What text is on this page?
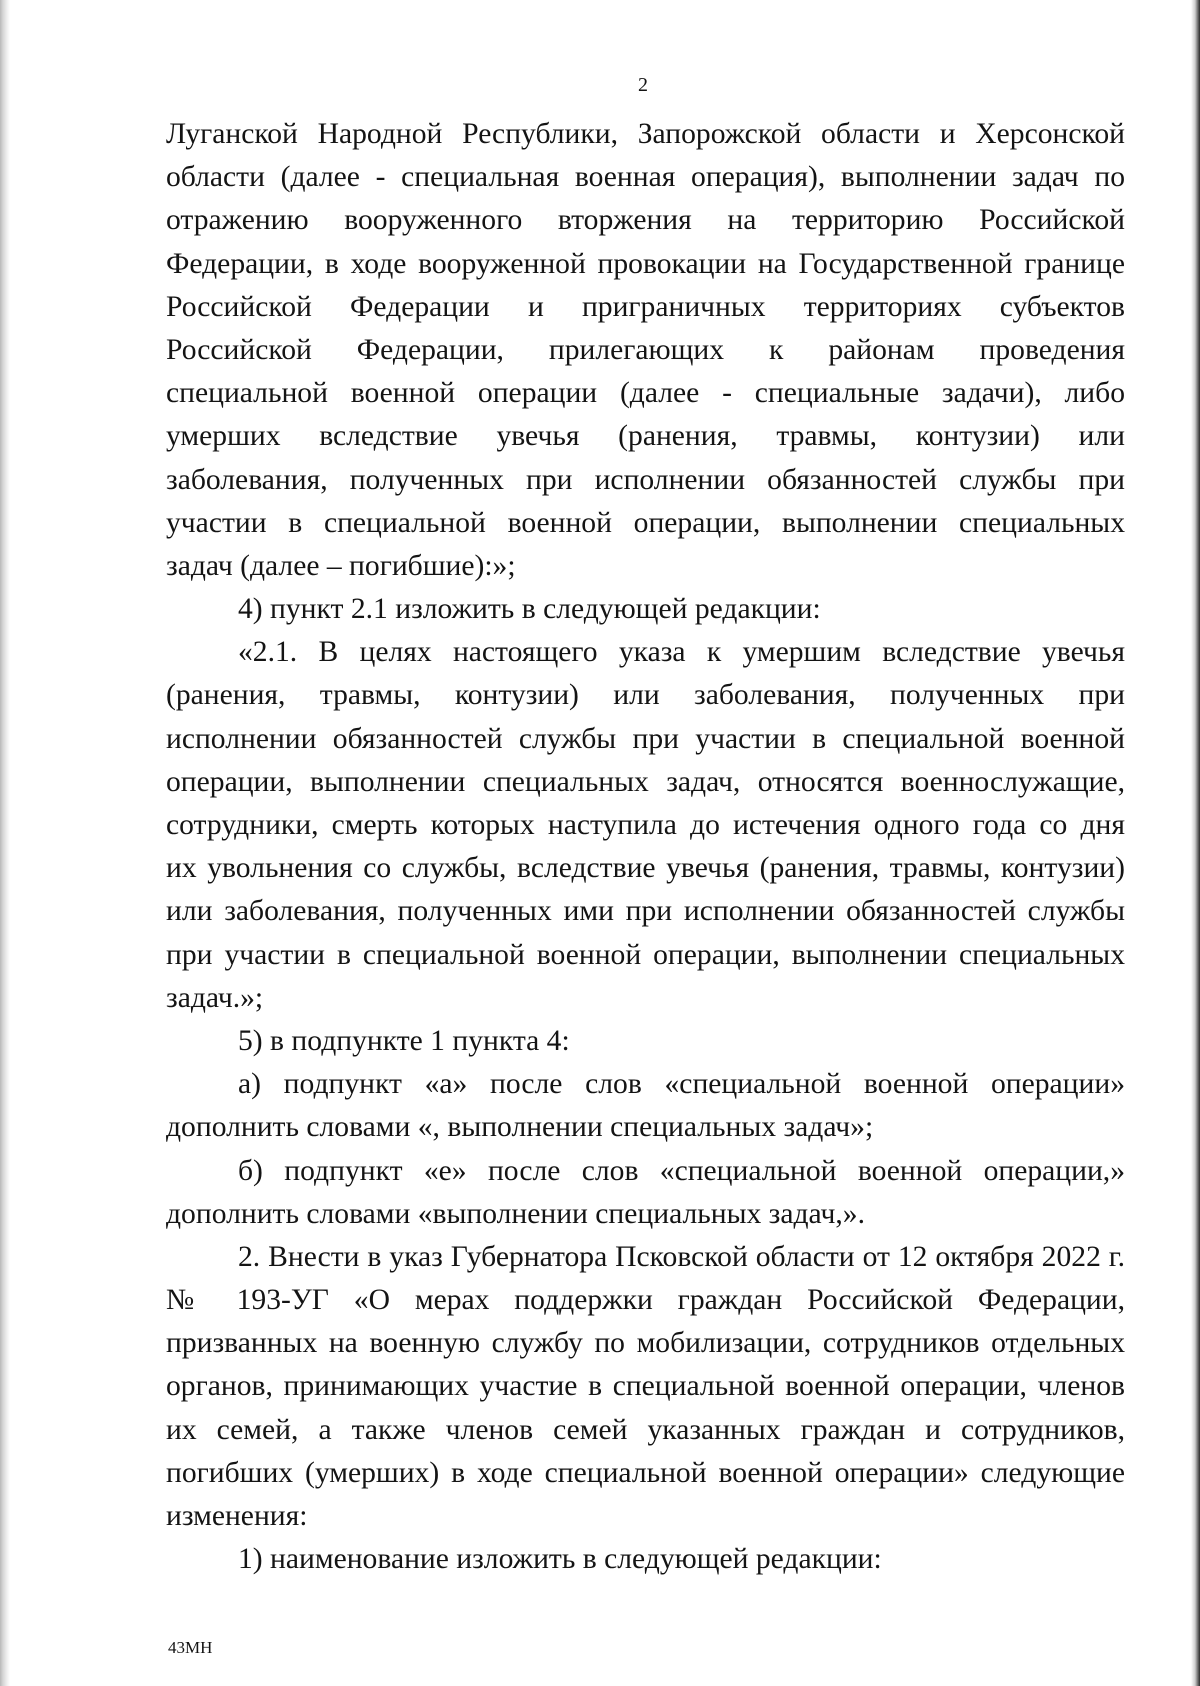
2
Луганской Народной Республики, Запорожской области и Херсонской
области (далее - специальная военная операция), выполнении задач по
отражению вооруженного вторжения на территорию Российской
Федерации, в ходе вооруженной провокации на Государственной границе
Российской Федерации и приграничных территориях субъектов
Российской Федерации, прилегающих к районам проведения
специальной военной операции (далее - специальные задачи), либо
умерших вследствие увечья (ранения, травмы, контузии) или
заболевания, полученных при исполнении обязанностей службы при
участии в специальной военной операции, выполнении специальных
задач (далее – погибшие):»;
4) пункт 2.1 изложить в следующей редакции:
«2.1. В целях настоящего указа к умершим вследствие увечья
(ранения, травмы, контузии) или заболевания, полученных при
исполнении обязанностей службы при участии в специальной военной
операции, выполнении специальных задач, относятся военнослужащие,
сотрудники, смерть которых наступила до истечения одного года со дня
их увольнения со службы, вследствие увечья (ранения, травмы, контузии)
или заболевания, полученных ими при исполнении обязанностей службы
при участии в специальной военной операции, выполнении специальных
задач.»;
5) в подпункте 1 пункта 4:
а) подпункт «а» после слов «специальной военной операции»
дополнить словами «, выполнении специальных задач»;
б) подпункт «е» после слов «специальной военной операции,»
дополнить словами «выполнении специальных задач,».
2. Внести в указ Губернатора Псковской области от 12 октября 2022 г.
№ 193-УГ «О мерах поддержки граждан Российской Федерации,
призванных на военную службу по мобилизации, сотрудников отдельных
органов, принимающих участие в специальной военной операции, членов
их семей, а также членов семей указанных граждан и сотрудников,
погибших (умерших) в ходе специальной военной операции» следующие
изменения:
1) наименование изложить в следующей редакции:
43МН
